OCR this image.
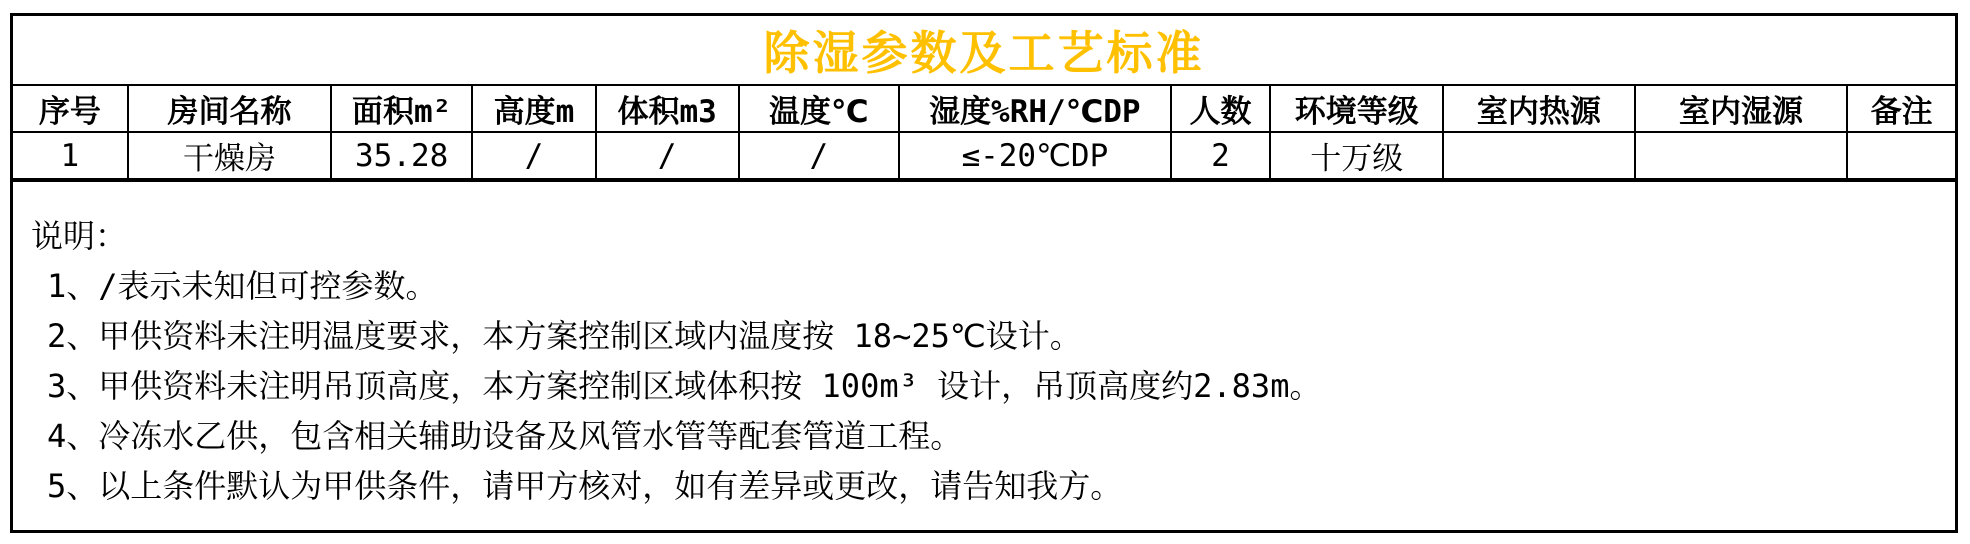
除湿参数及工艺标准
序号	房间名称	面积m²	高度m	体积m3	温度℃	湿度%RH/℃DP	人数	环境等级	室内热源	室内湿源	备注
1	干燥房	35.28	/	/	/	≤-20℃DP	2	十万级			
说明：
1、/表示未知但可控参数。
2、甲供资料未注明温度要求，本方案控制区域内温度按 18~25℃设计。
3、甲供资料未注明吊顶高度，本方案控制区域体积按 100m³ 设计，吊顶高度约2.83m。
4、冷冻水乙供，包含相关辅助设备及风管水管等配套管道工程。
5、以上条件默认为甲供条件，请甲方核对，如有差异或更改，请告知我方。
